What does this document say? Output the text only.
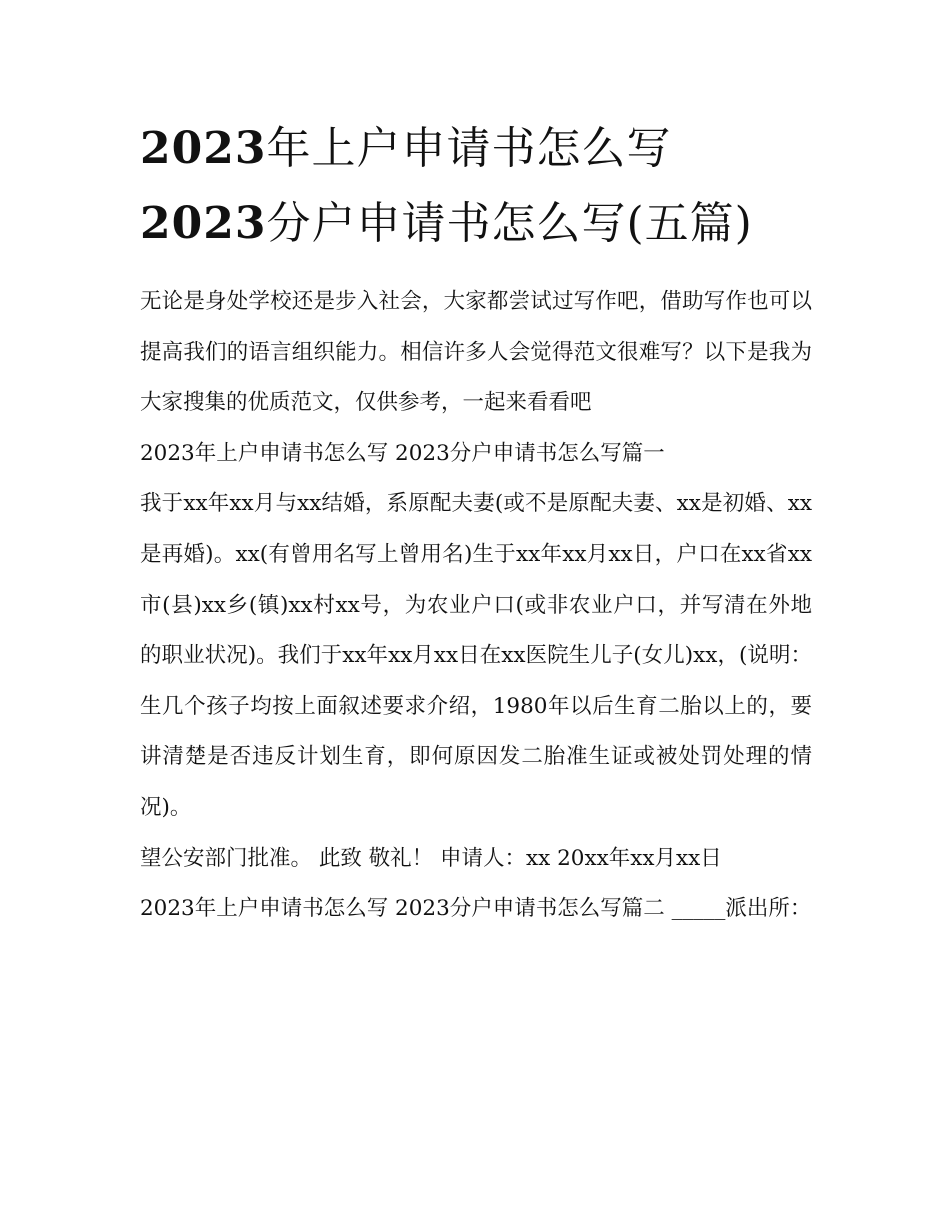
2023年上户申请书怎么写
2023分户申请书怎么写(五篇)

无论是身处学校还是步入社会，大家都尝试过写作吧，借助写作也可以提高我们的语言组织能力。相信许多人会觉得范文很难写？以下是我为大家搜集的优质范文，仅供参考，一起来看看吧

2023年上户申请书怎么写 2023分户申请书怎么写篇一

我于xx年xx月与xx结婚，系原配夫妻(或不是原配夫妻、xx是初婚、xx是再婚)。xx(有曾用名写上曾用名)生于xx年xx月xx日，户口在xx省xx市(县)xx乡(镇)xx村xx号，为农业户口(或非农业户口，并写清在外地的职业状况)。我们于xx年xx月xx日在xx医院生儿子(女儿)xx，(说明：生几个孩子均按上面叙述要求介绍，1980年以后生育二胎以上的，要讲清楚是否违反计划生育，即何原因发二胎准生证或被处罚处理的情况)。

望公安部门批准。 此致 敬礼！ 申请人：xx 20xx年xx月xx日

2023年上户申请书怎么写 2023分户申请书怎么写篇二 _____派出所：
